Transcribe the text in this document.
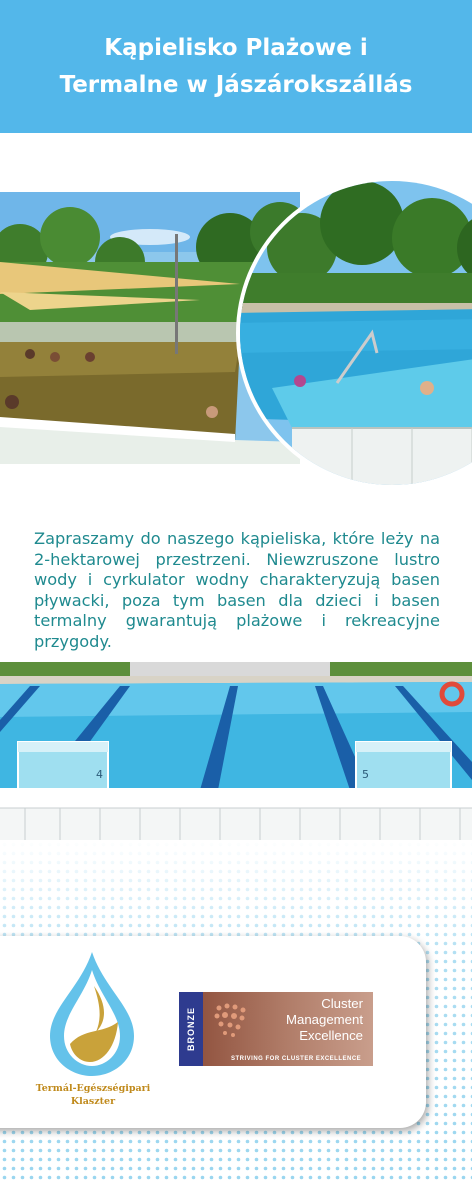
Kąpielisko Plażowe i
Termalne w Jászárokszállás

Zapraszamy do naszego kąpieliska, które leży na 2-hektarowej przestrzeni. Niewzruszone lustro wody i cyrkulator wodny charakteryzują basen pływacki, poza tym basen dla dzieci i basen termalny gwarantują plażowe i rekreacyjne przygody.

4	5
Termál-Egészségipari
Klaszter
BRONZE
Cluster
Management
Excellence
STRIVING FOR CLUSTER EXCELLENCE
